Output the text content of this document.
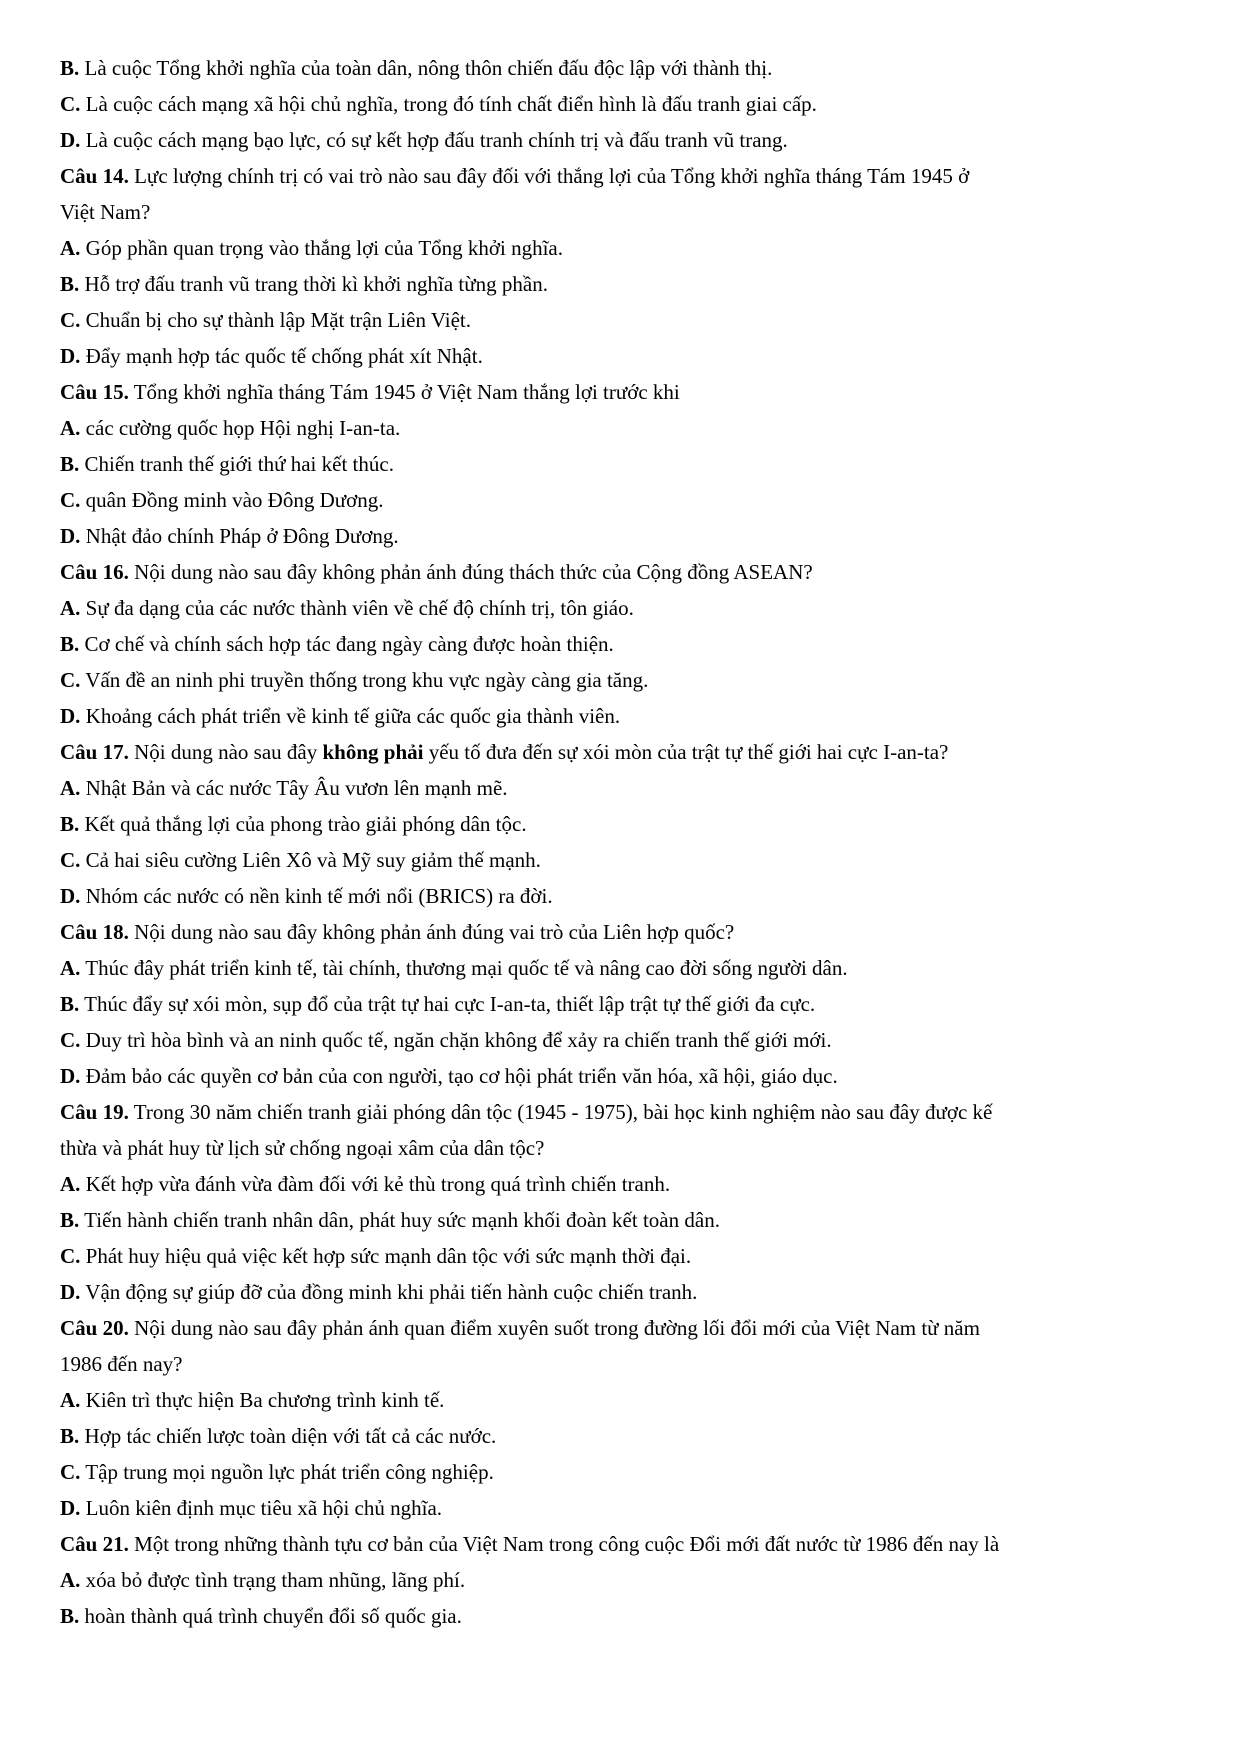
B. Là cuộc Tổng khởi nghĩa của toàn dân, nông thôn chiến đấu độc lập với thành thị.

C. Là cuộc cách mạng xã hội chủ nghĩa, trong đó tính chất điển hình là đấu tranh giai cấp.

D. Là cuộc cách mạng bạo lực, có sự kết hợp đấu tranh chính trị và đấu tranh vũ trang.

Câu 14. Lực lượng chính trị có vai trò nào sau đây đối với thắng lợi của Tổng khởi nghĩa tháng Tám 1945 ở

Việt Nam?

A. Góp phần quan trọng vào thắng lợi của Tổng khởi nghĩa.

B. Hỗ trợ đấu tranh vũ trang thời kì khởi nghĩa từng phần.

C. Chuẩn bị cho sự thành lập Mặt trận Liên Việt.

D. Đẩy mạnh hợp tác quốc tế chống phát xít Nhật.

Câu 15. Tổng khởi nghĩa tháng Tám 1945 ở Việt Nam thắng lợi trước khi

A. các cường quốc họp Hội nghị I-an-ta.

B. Chiến tranh thế giới thứ hai kết thúc.

C. quân Đồng minh vào Đông Dương.

D. Nhật đảo chính Pháp ở Đông Dương.

Câu 16. Nội dung nào sau đây không phản ánh đúng thách thức của Cộng đồng ASEAN?

A. Sự đa dạng của các nước thành viên về chế độ chính trị, tôn giáo.

B. Cơ chế và chính sách hợp tác đang ngày càng được hoàn thiện.

C. Vấn đề an ninh phi truyền thống trong khu vực ngày càng gia tăng.

D. Khoảng cách phát triển về kinh tế giữa các quốc gia thành viên.

Câu 17. Nội dung nào sau đây không phải yếu tố đưa đến sự xói mòn của trật tự thế giới hai cực I-an-ta?

A. Nhật Bản và các nước Tây Âu vươn lên mạnh mẽ.

B. Kết quả thắng lợi của phong trào giải phóng dân tộc.

C. Cả hai siêu cường Liên Xô và Mỹ suy giảm thế mạnh.

D. Nhóm các nước có nền kinh tế mới nổi (BRICS) ra đời.

Câu 18. Nội dung nào sau đây không phản ánh đúng vai trò của Liên hợp quốc?

A. Thúc đây phát triển kinh tế, tài chính, thương mại quốc tế và nâng cao đời sống người dân.

B. Thúc đẩy sự xói mòn, sụp đổ của trật tự hai cực I-an-ta, thiết lập trật tự thế giới đa cực.

C. Duy trì hòa bình và an ninh quốc tế, ngăn chặn không để xảy ra chiến tranh thế giới mới.

D. Đảm bảo các quyền cơ bản của con người, tạo cơ hội phát triển văn hóa, xã hội, giáo dục.

Câu 19. Trong 30 năm chiến tranh giải phóng dân tộc (1945 - 1975), bài học kinh nghiệm nào sau đây được kế

thừa và phát huy từ lịch sử chống ngoại xâm của dân tộc?

A. Kết hợp vừa đánh vừa đàm đối với kẻ thù trong quá trình chiến tranh.

B. Tiến hành chiến tranh nhân dân, phát huy sức mạnh khối đoàn kết toàn dân.

C. Phát huy hiệu quả việc kết hợp sức mạnh dân tộc với sức mạnh thời đại.

D. Vận động sự giúp đỡ của đồng minh khi phải tiến hành cuộc chiến tranh.

Câu 20. Nội dung nào sau đây phản ánh quan điểm xuyên suốt trong đường lối đổi mới của Việt Nam từ năm

1986 đến nay?

A. Kiên trì thực hiện Ba chương trình kinh tế.

B. Hợp tác chiến lược toàn diện với tất cả các nước.

C. Tập trung mọi nguồn lực phát triển công nghiệp.

D. Luôn kiên định mục tiêu xã hội chủ nghĩa.

Câu 21. Một trong những thành tựu cơ bản của Việt Nam trong công cuộc Đổi mới đất nước từ 1986 đến nay là

A. xóa bỏ được tình trạng tham nhũng, lãng phí.

B. hoàn thành quá trình chuyển đổi số quốc gia.
